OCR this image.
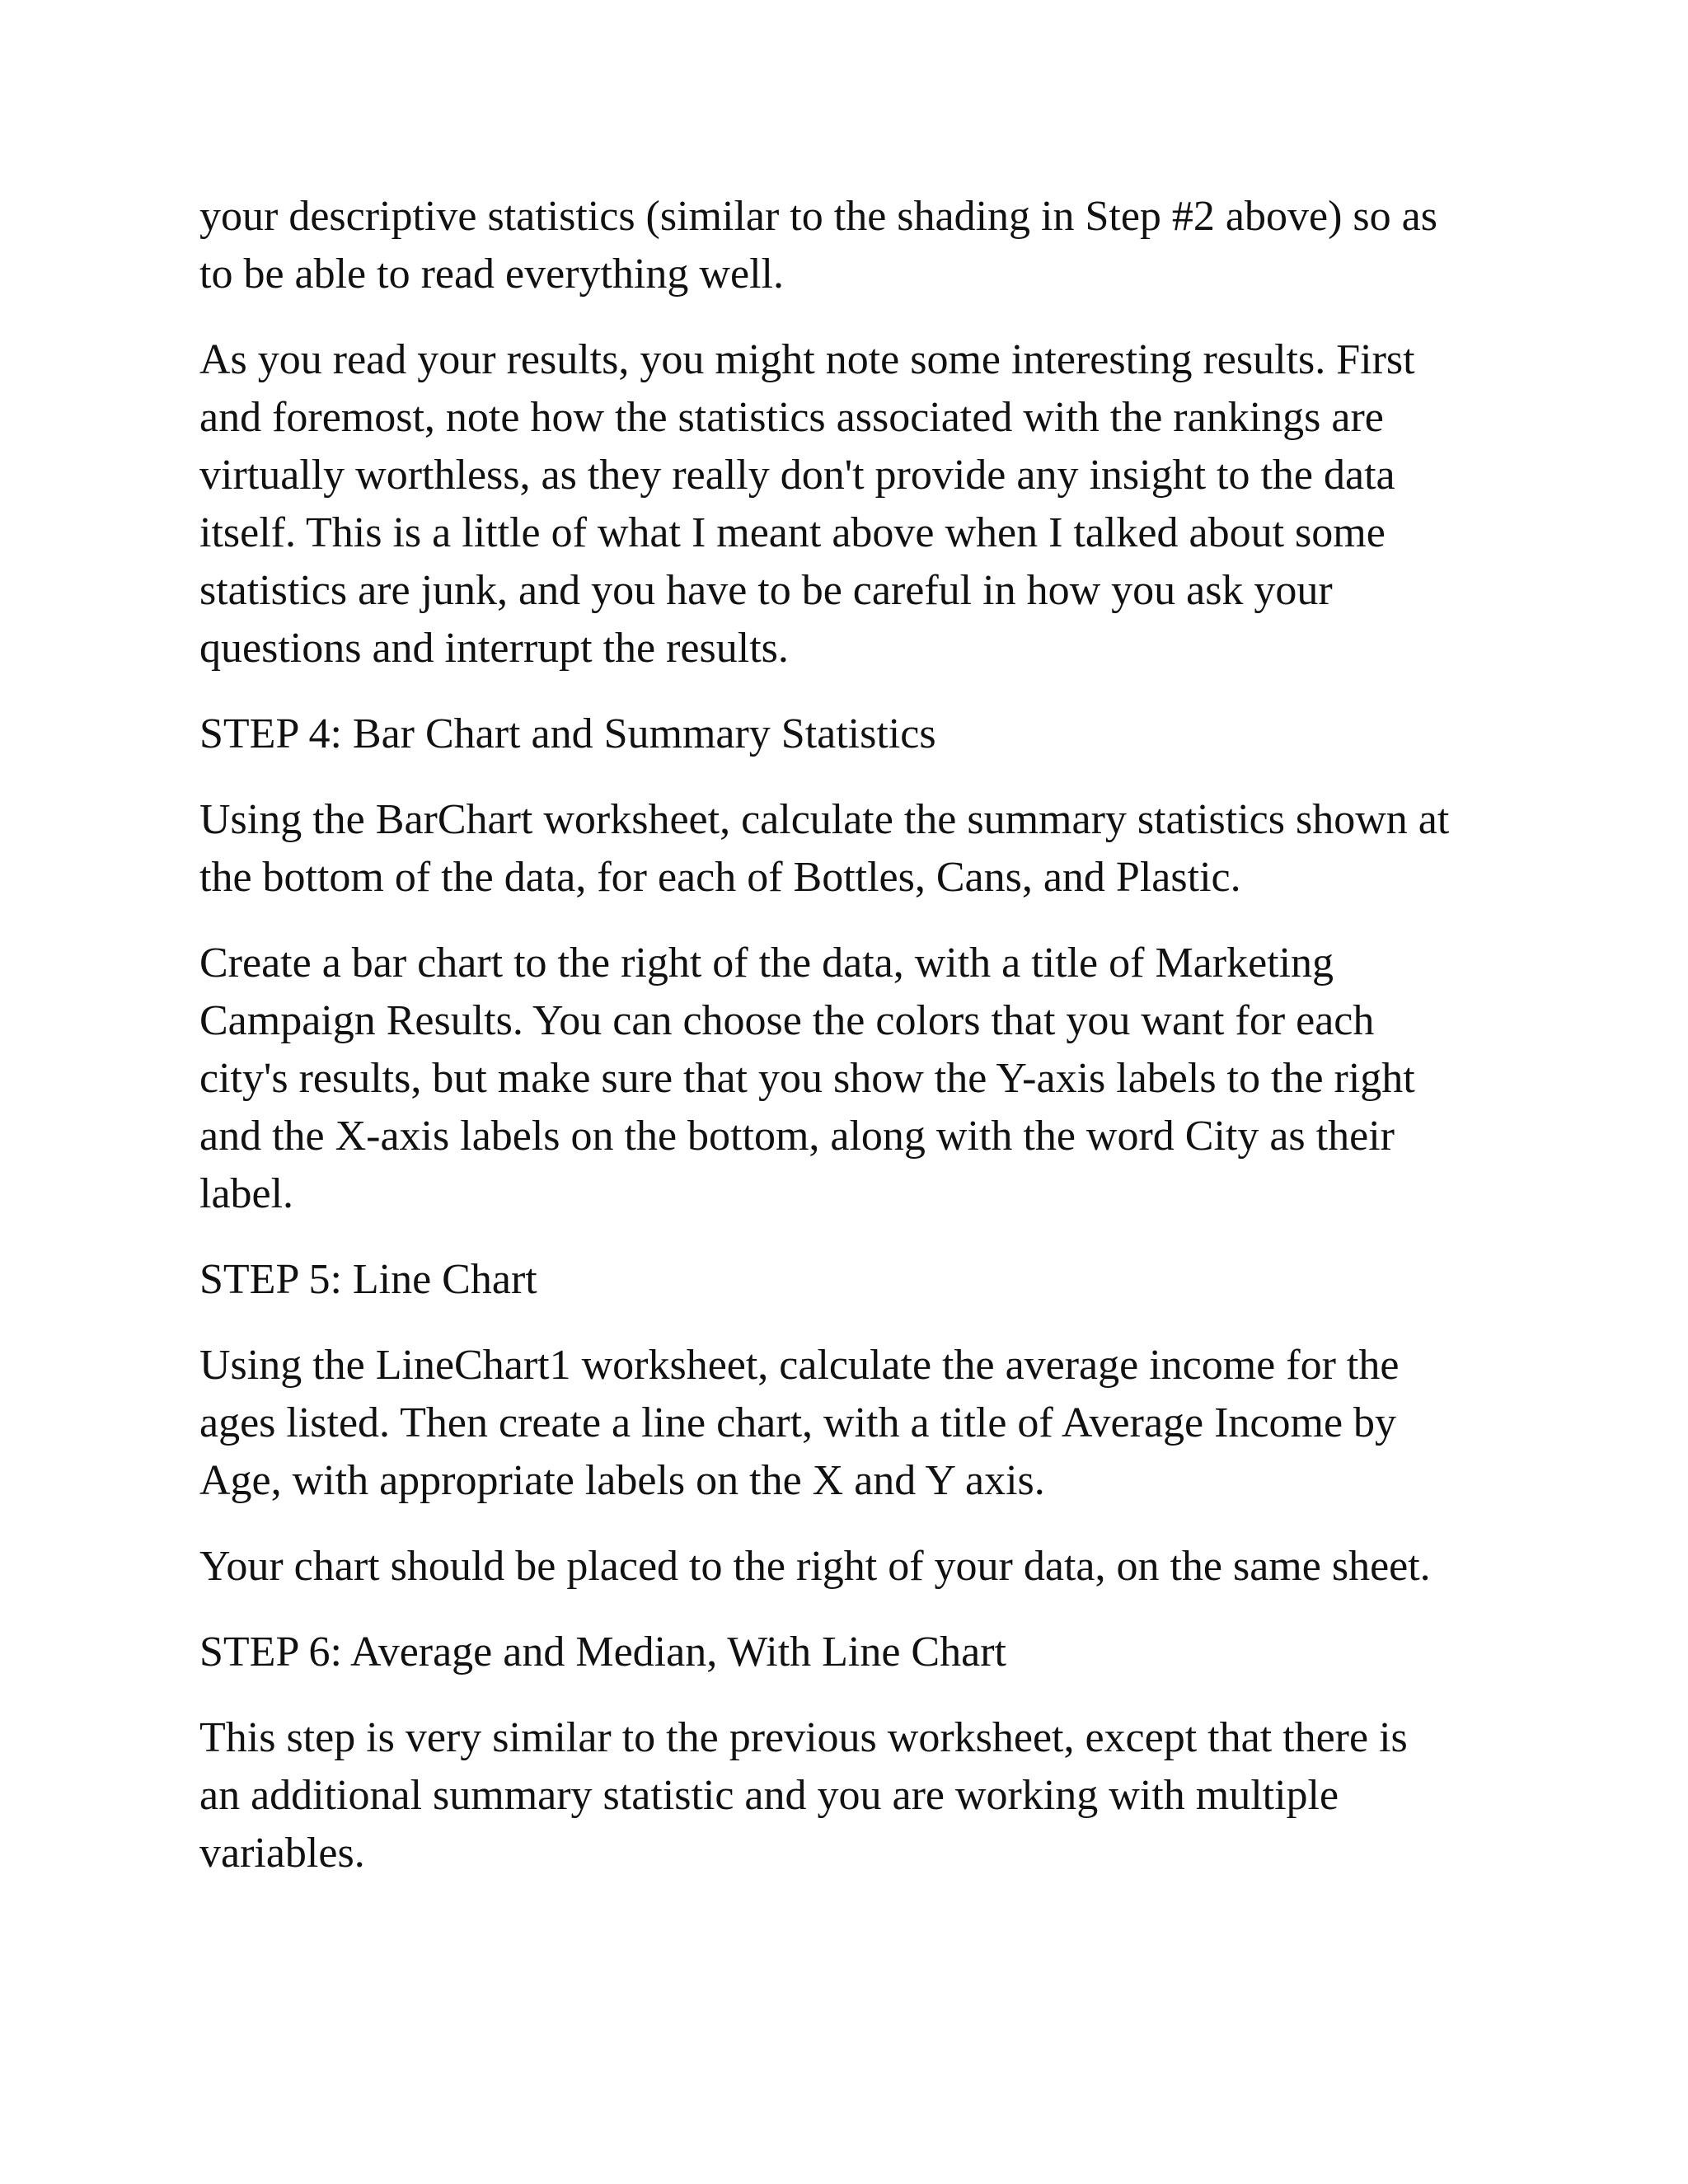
your descriptive statistics (similar to the shading in Step #2 above) so as
to be able to read everything well.

As you read your results, you might note some interesting results. First
and foremost, note how the statistics associated with the rankings are
virtually worthless, as they really don't provide any insight to the data
itself. This is a little of what I meant above when I talked about some
statistics are junk, and you have to be careful in how you ask your
questions and interrupt the results.

STEP 4: Bar Chart and Summary Statistics

Using the BarChart worksheet, calculate the summary statistics shown at
the bottom of the data, for each of Bottles, Cans, and Plastic.

Create a bar chart to the right of the data, with a title of Marketing
Campaign Results. You can choose the colors that you want for each
city's results, but make sure that you show the Y-axis labels to the right
and the X-axis labels on the bottom, along with the word City as their
label.

STEP 5: Line Chart

Using the LineChart1 worksheet, calculate the average income for the
ages listed. Then create a line chart, with a title of Average Income by
Age, with appropriate labels on the X and Y axis.

Your chart should be placed to the right of your data, on the same sheet.

STEP 6: Average and Median, With Line Chart

This step is very similar to the previous worksheet, except that there is
an additional summary statistic and you are working with multiple
variables.
